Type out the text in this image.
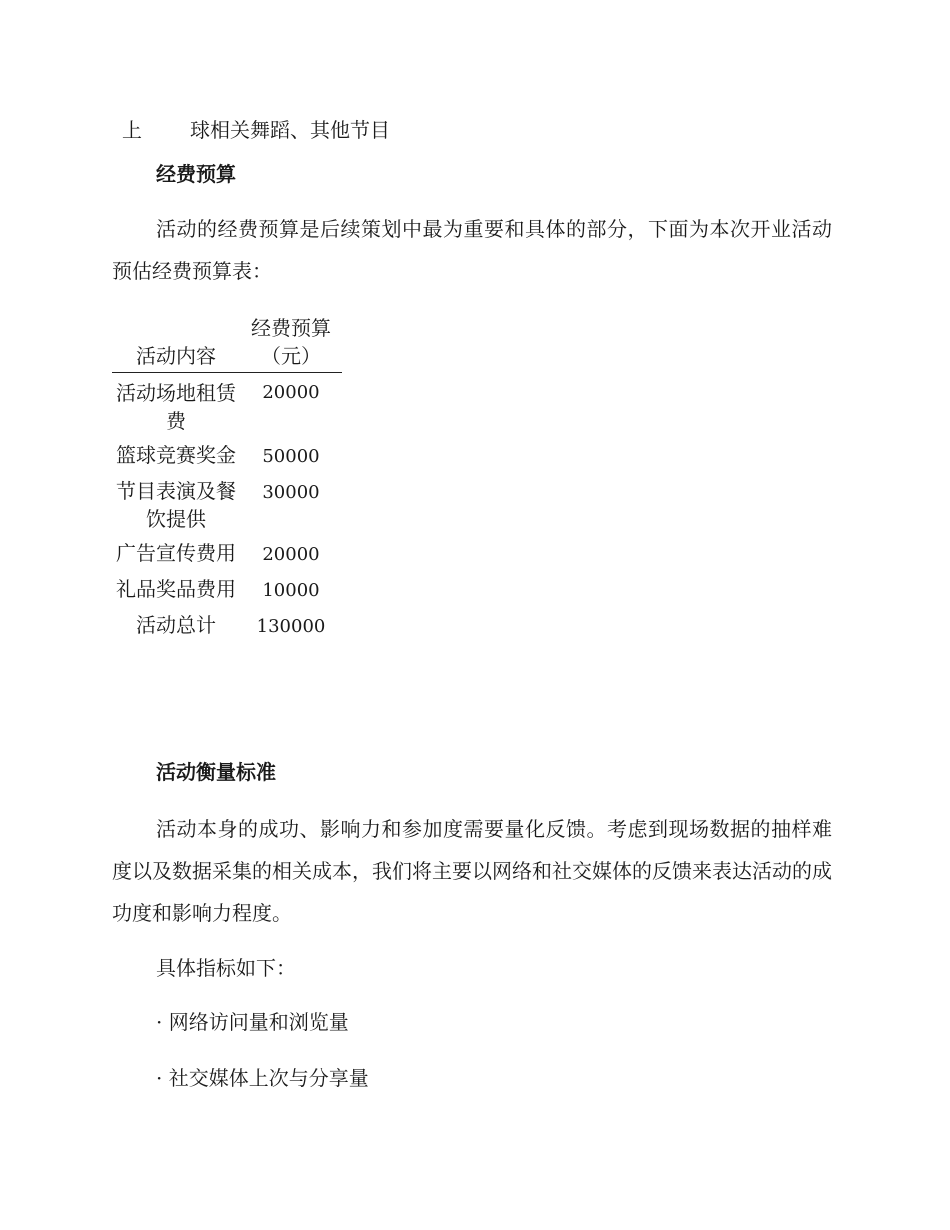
上 球相关舞蹈、其他节目
经费预算
活动的经费预算是后续策划中最为重要和具体的部分，下面为本次开业活动预估经费预算表：
活动内容	经费预算（元）
活动场地租赁费	20000
篮球竞赛奖金	50000
节目表演及餐饮提供	30000
广告宣传费用	20000
礼品奖品费用	10000
活动总计	130000
活动衡量标准
活动本身的成功、影响力和参加度需要量化反馈。考虑到现场数据的抽样难度以及数据采集的相关成本，我们将主要以网络和社交媒体的反馈来表达活动的成功度和影响力程度。
具体指标如下：
· 网络访问量和浏览量
· 社交媒体上次与分享量
